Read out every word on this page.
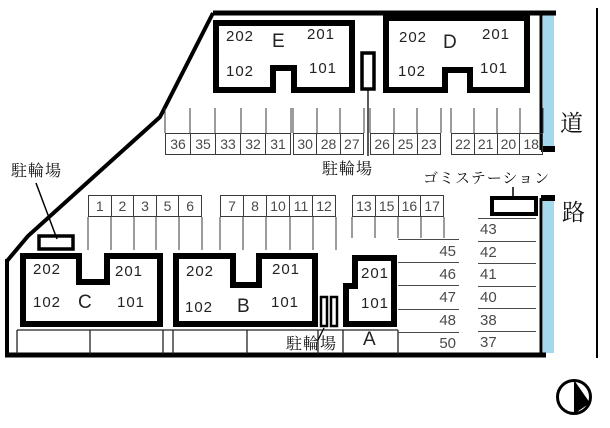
202 E 201
102	101
202 D 201
102	101
202	201
102 C 101
202	201
102 B 101
201
101
A
36 35 33 32 31 30 28 27 26 25 23 22 21 20 18
1	2	3	5	6	7	8 10 11 12 13 15 16 17
45
46
47
48
50
43
42
41
40
38
37
駐輪場	駐輪場
駐輪場
ゴミステーション
道
路
